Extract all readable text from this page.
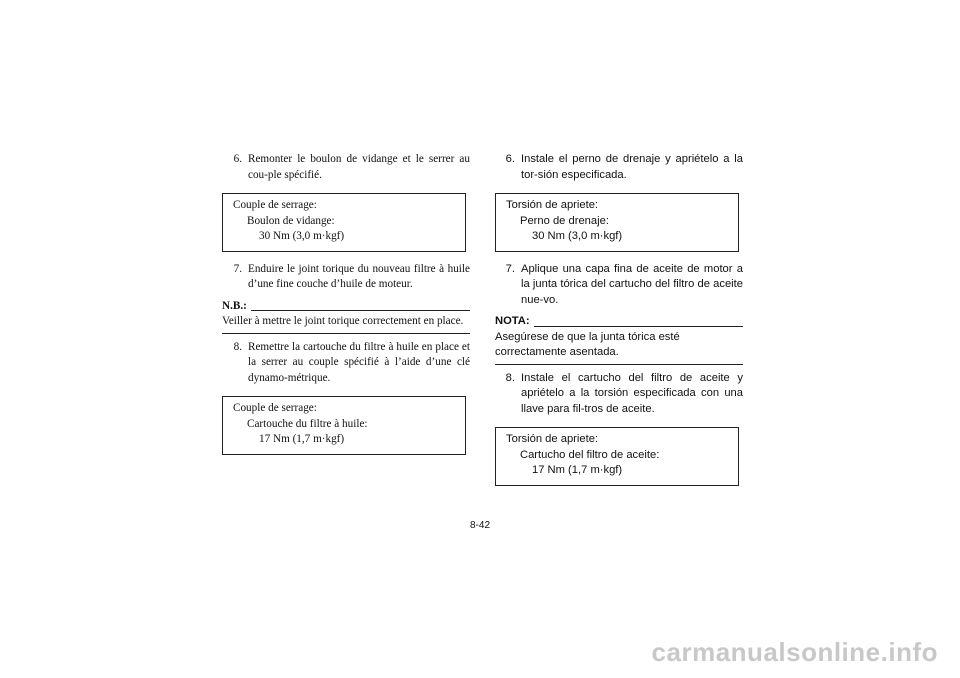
6. Remonter le boulon de vidange et le serrer au cou-ple spécifié.
Couple de serrage:
Boulon de vidange:
30 Nm (3,0 m·kgf)
7. Enduire le joint torique du nouveau filtre à huile d’une fine couche d’huile de moteur.
N.B.:
Veiller à mettre le joint torique correctement en place.
8. Remettre la cartouche du filtre à huile en place et la serrer au couple spécifié à l’aide d’une clé dynamo-métrique.
Couple de serrage:
Cartouche du filtre à huile:
17 Nm (1,7 m·kgf)
6. Instale el perno de drenaje y apriételo a la tor-sión especificada.
Torsión de apriete:
Perno de drenaje:
30 Nm (3,0 m·kgf)
7. Aplique una capa fina de aceite de motor a la junta tórica del cartucho del filtro de aceite nue-vo.
NOTA:
Asegúrese de que la junta tórica esté correctamente asentada.
8. Instale el cartucho del filtro de aceite y apriételo a la torsión especificada con una llave para fil-tros de aceite.
Torsión de apriete:
Cartucho del filtro de aceite:
17 Nm (1,7 m·kgf)
8-42
carmanualsonline.info
